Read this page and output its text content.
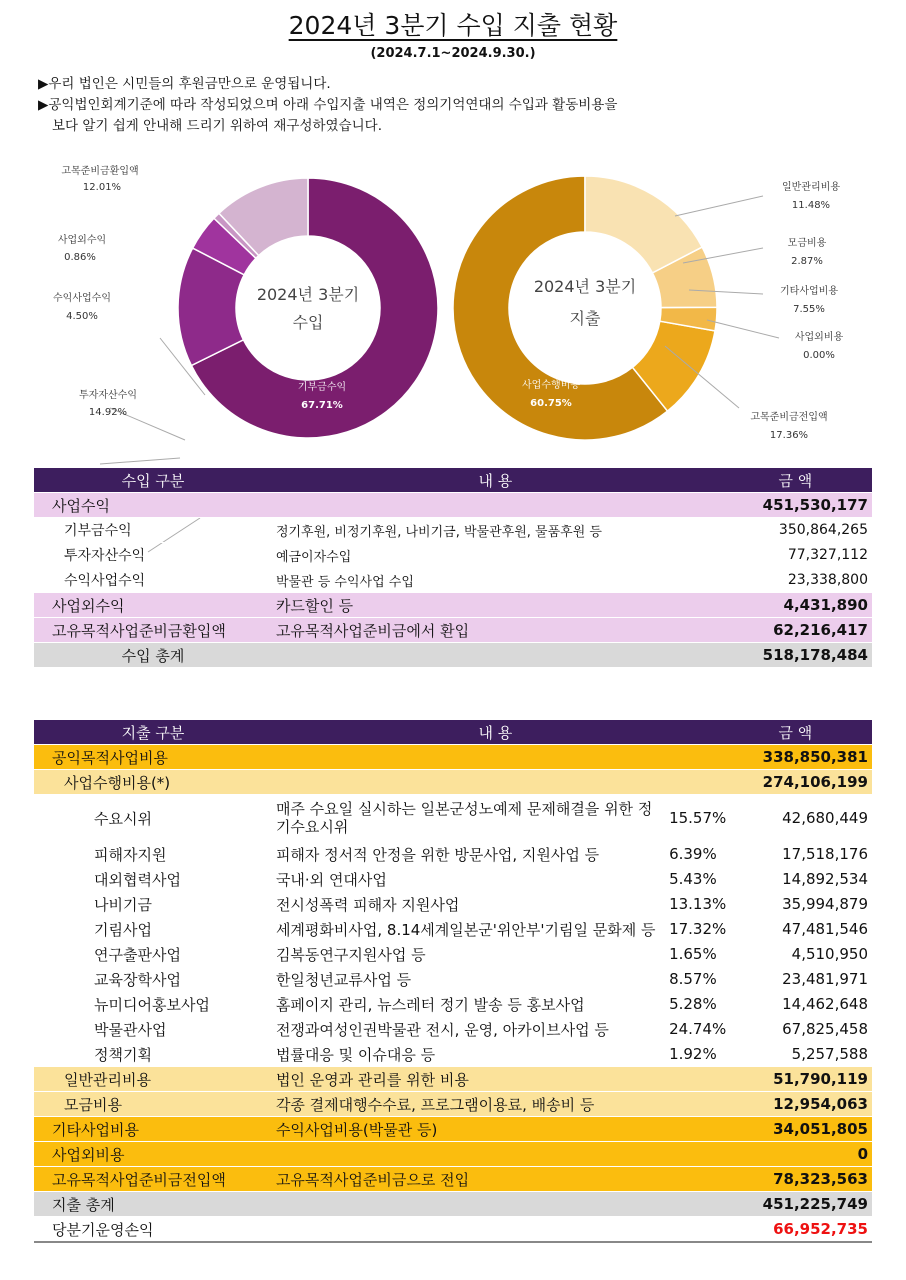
2024년 3분기 수입 지출 현황
(2024.7.1~2024.9.30.)
▶우리 법인은 시민들의 후원금만으로 운영됩니다.
▶공익법인회계기준에 따라 작성되었으며 아래 수입지출 내역은 정의기억연대의 수입과 활동비용을
보다 알기 쉽게 안내해 드리기 위하여 재구성하였습니다.
고목준비금환입액
12.01%
사업외수익
0.86%
수익사업수익
4.50%
투자자산수익
14.92%
기부금수익
67.71%
2024년 3분기
수입
일반관리비용
11.48%
모금비용
2.87%
기타사업비용
7.55%
사업외비용
0.00%
고목준비금전입액
17.36%
사업수행비용
60.75%
2024년 3분기
지출
수입 구분	내 용		금 액
사업수익			451,530,177
기부금수익	정기후원, 비정기후원, 나비기금, 박물관후원, 물품후원 등		350,864,265
투자자산수익	예금이자수입		77,327,112
수익사업수익	박물관 등 수익사업 수입		23,338,800
사업외수익	카드할인 등		4,431,890
고유목적사업준비금환입액	고유목적사업준비금에서 환입		62,216,417
수입 총계			518,178,484
지출 구분	내 용		금 액
공익목적사업비용			338,850,381
사업수행비용(*)			274,106,199
수요시위	매주 수요일 실시하는 일본군성노예제 문제해결을 위한 정기수요시위	15.57%	42,680,449
피해자지원	피해자 정서적 안정을 위한 방문사업, 지원사업 등	6.39%	17,518,176
대외협력사업	국내·외 연대사업	5.43%	14,892,534
나비기금	전시성폭력 피해자 지원사업	13.13%	35,994,879
기림사업	세계평화비사업, 8.14세계일본군'위안부'기림일 문화제 등	17.32%	47,481,546
연구출판사업	김복동연구지원사업 등	1.65%	4,510,950
교육장학사업	한일청년교류사업 등	8.57%	23,481,971
뉴미디어홍보사업	홈페이지 관리, 뉴스레터 정기 발송 등 홍보사업	5.28%	14,462,648
박물관사업	전쟁과여성인권박물관 전시, 운영, 아카이브사업 등	24.74%	67,825,458
정책기획	법률대응 및 이슈대응 등	1.92%	5,257,588
일반관리비용	법인 운영과 관리를 위한 비용		51,790,119
모금비용	각종 결제대행수수료, 프로그램이용료, 배송비 등		12,954,063
기타사업비용	수익사업비용(박물관 등)		34,051,805
사업외비용			0
고유목적사업준비금전입액	고유목적사업준비금으로 전입		78,323,563
지출 총계			451,225,749
당분기운영손익			66,952,735
